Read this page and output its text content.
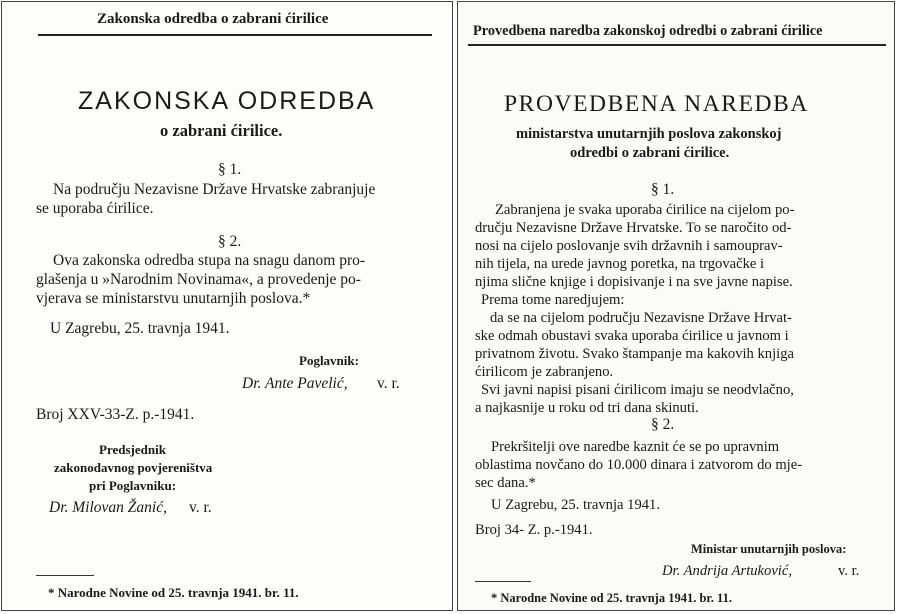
Zakonska odredba o zabrani ćirilice
ZAKONSKA ODREDBA
o zabrani ćirilice.
§ 1.
Na području Nezavisne Države Hrvatske zabranjuje
se uporaba ćirilice.
§ 2.
Ova zakonska odredba stupa na snagu danom pro-
glašenja u »Narodnim Novinama«, a provedenje po-
vjerava se ministarstvu unutarnjih poslova.*
U Zagrebu, 25. travnja 1941.
Poglavnik:
Dr. Ante Pavelić, v. r.
Broj XXV-33-Z. p.-1941.
Predsjednik
zakonodavnog povjerenіštva
pri Poglavniku:
Dr. Milovan Žanić, v. r.
* Narodne Novine od 25. travnja 1941. br. 11.
Provedbena naredba zakonskoj odredbi o zabrani ćirilice
PROVEDBENA NAREDBA
ministarstva unutarnjih poslova zakonskoj
odredbi o zabrani ćirilice.
§ 1.
Zabranjena je svaka uporaba ćirilice na cijelom po-
dručju Nezavisne Države Hrvatske. To se naročito od-
nosi na cijelo poslovanje svih državnih i samouprav-
nih tijela, na urede javnog poretka, na trgovačke i
njima slične knjige i dopisivanje i na sve javne napise.
Prema tome naredjujem:
da se na cijelom području Nezavisne Države Hrvat-
ske odmah obustavi svaka uporaba ćirilice u javnom i
privatnom životu. Svako štampanje ma kakovih knjiga
ćirilicom je zabranjeno.
Svi javni napisi pisani ćirilicom imaju se neodvlačno,
a najkasnije u roku od tri dana skinuti.
§ 2.
Prekršitelji ove naredbe kaznit će se po upravnim
oblastima novčano do 10.000 dinara i zatvorom do mje-
sec dana.*
U Zagrebu, 25. travnja 1941.
Broj 34- Z. p.-1941.
Ministar unutarnjih poslova:
Dr. Andrija Artuković,	v. r.
* Narodne Novine od 25. travnja 1941. br. 11.
